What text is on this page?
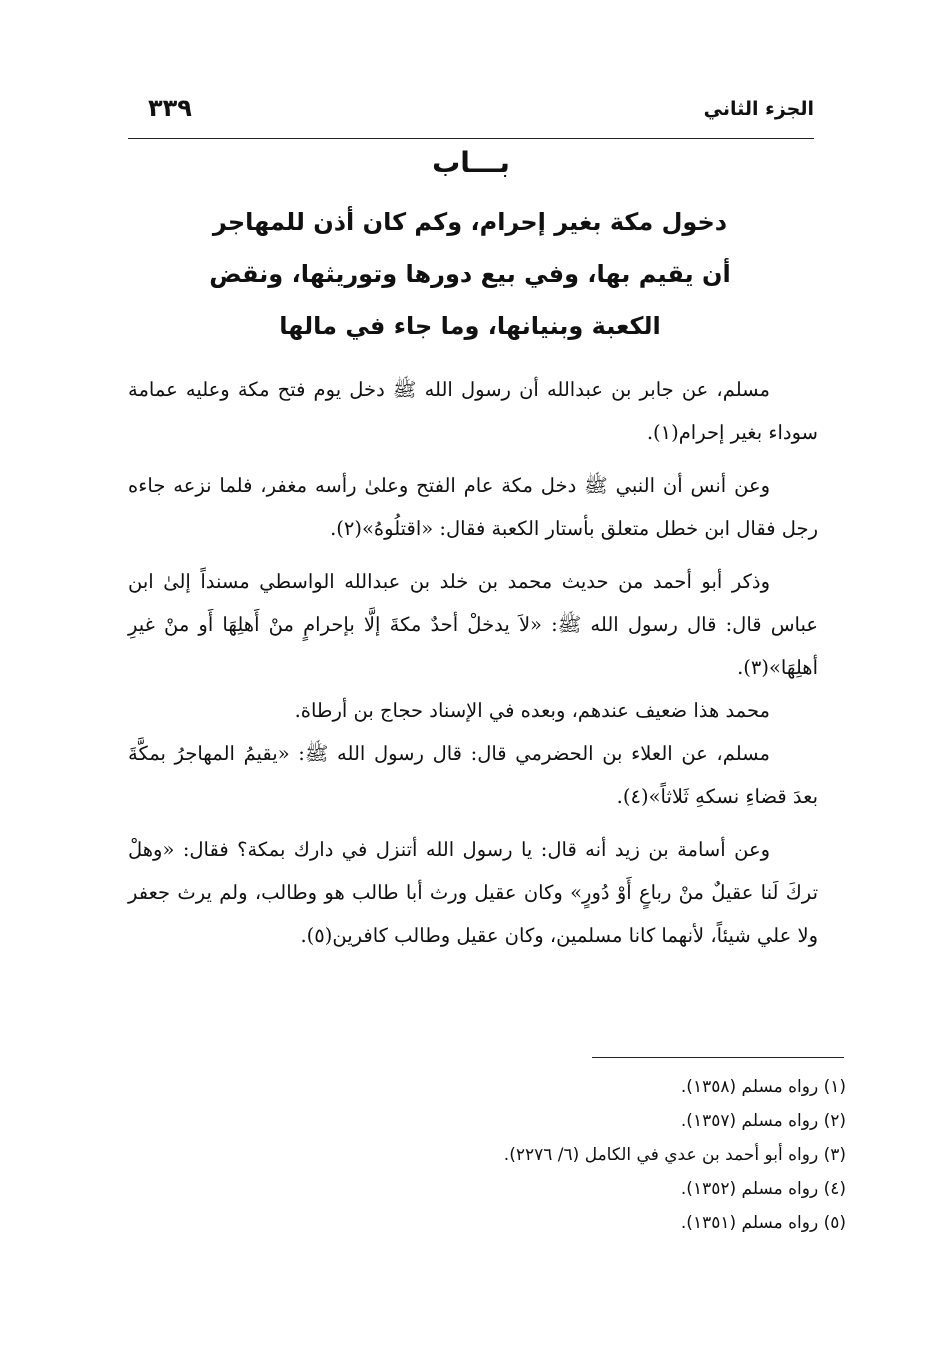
الجزء الثاني
٣٣٩
بـــاب
دخول مكة بغير إحرام، وكم كان أذن للمهاجر
أن يقيم بها، وفي بيع دورها وتوريثها، ونقض
الكعبة وبنيانها، وما جاء في مالها

مسلم، عن جابر بن عبدالله أن رسول الله ﷺ دخل يوم فتح مكة وعليه عمامة سوداء بغير إحرام(١).

وعن أنس أن النبي ﷺ دخل مكة عام الفتح وعلىٰ رأسه مغفر، فلما نزعه جاءه رجل فقال ابن خطل متعلق بأستار الكعبة فقال: «اقتلُوهُ»(٢).

وذكر أبو أحمد من حديث محمد بن خلد بن عبدالله الواسطي مسنداً إلىٰ ابن عباس قال: قال رسول الله ﷺ: «لاَ يدخلْ أحدٌ مكةَ إلَّا بإحرامٍ منْ أَهلِهَا أَو منْ غيرِ أهلِهَا»(٣).

محمد هذا ضعيف عندهم، وبعده في الإسناد حجاج بن أرطاة.

مسلم، عن العلاء بن الحضرمي قال: قال رسول الله ﷺ: «يقيمُ المهاجرُ بمكَّةَ بعدَ قضاءِ نسكهِ ثَلاثاً»(٤).

وعن أسامة بن زيد أنه قال: يا رسول الله أتنزل في دارك بمكة؟ فقال: «وهلْ تركَ لَنا عقيلٌ منْ رباعٍ أَوْ دُورٍ» وكان عقيل ورث أبا طالب هو وطالب، ولم يرث جعفر ولا علي شيئاً، لأنهما كانا مسلمين، وكان عقيل وطالب كافرين(٥).

(١) رواه مسلم (١٣٥٨).
(٢) رواه مسلم (١٣٥٧).
(٣) رواه أبو أحمد بن عدي في الكامل (٦/ ٢٢٧٦).
(٤) رواه مسلم (١٣٥٢).
(٥) رواه مسلم (١٣٥١).
